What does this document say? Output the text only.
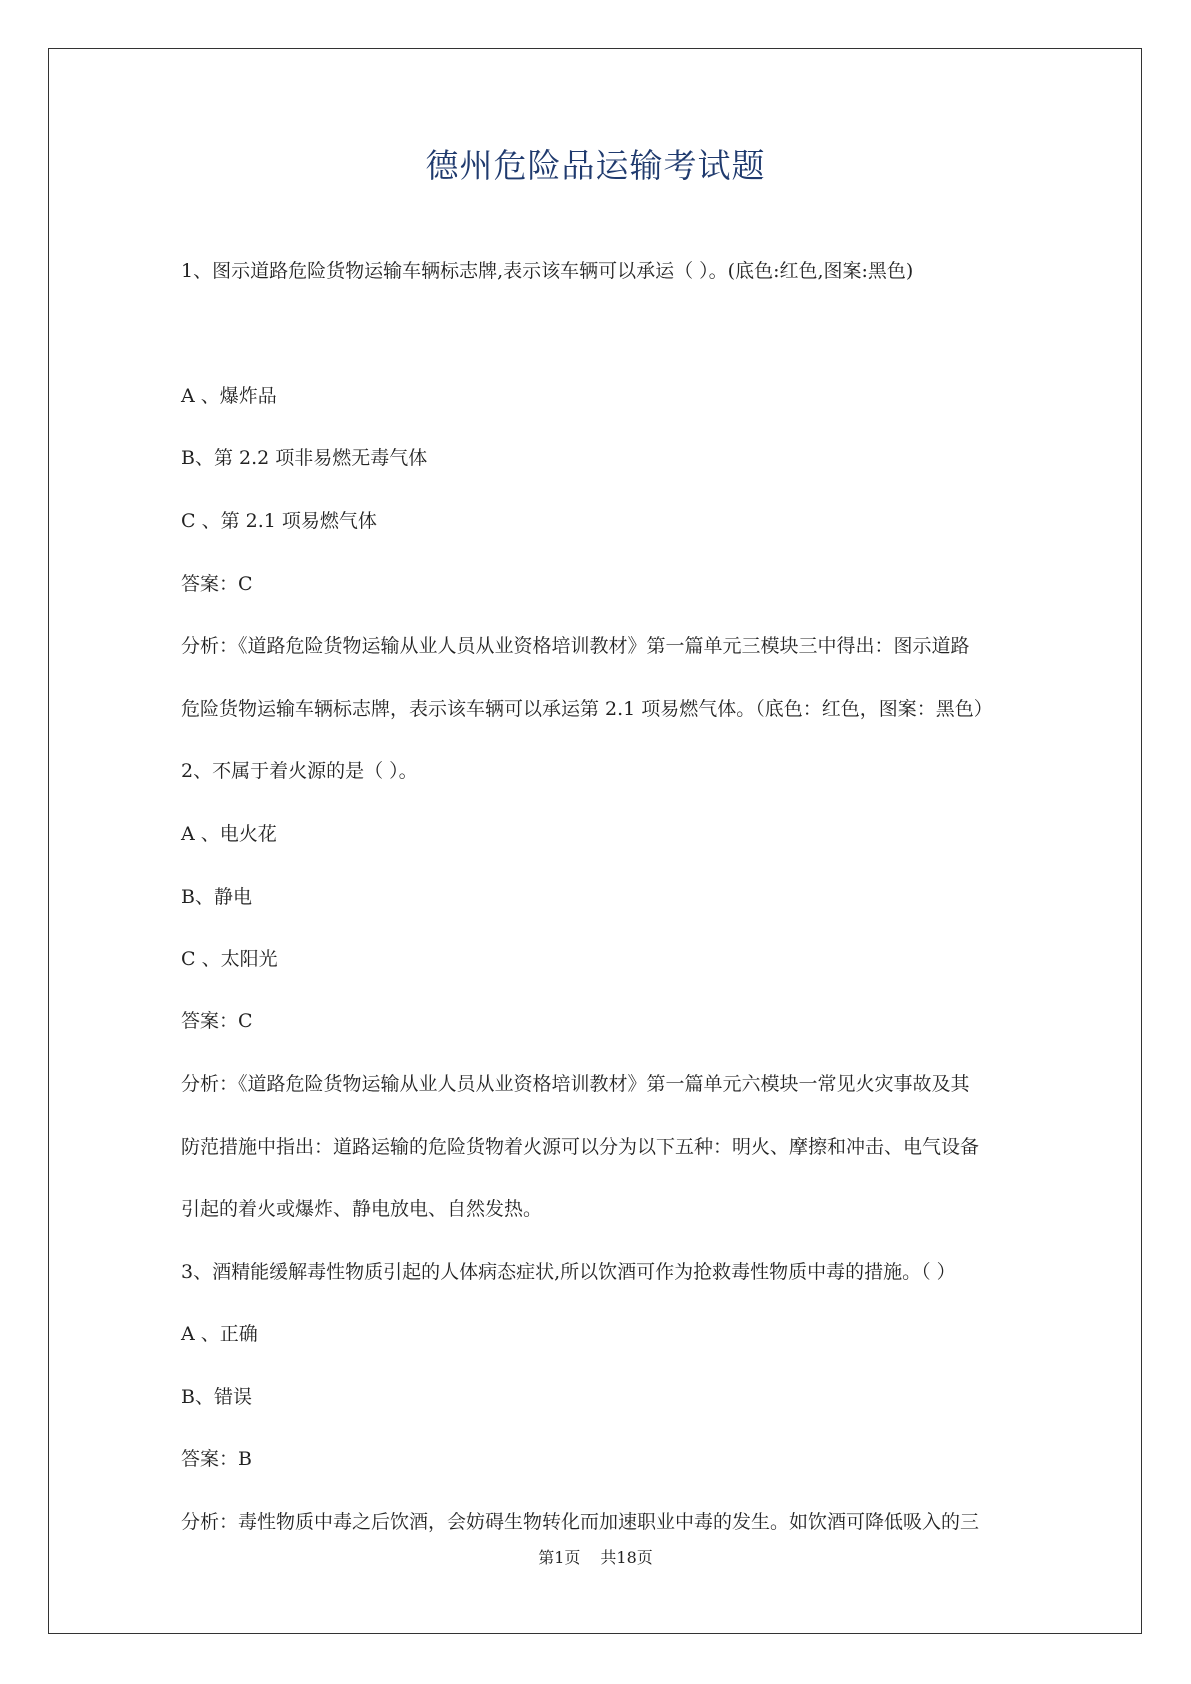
德州危险品运输考试题
1、图示道路危险货物运输车辆标志牌,表示该车辆可以承运（ ）。(底色:红色,图案:黑色)
A 、爆炸品
B、第 2.2 项非易燃无毒气体
C 、第 2.1 项易燃气体
答案：C
分析：《道路危险货物运输从业人员从业资格培训教材》第一篇单元三模块三中得出：图示道路
危险货物运输车辆标志牌，表示该车辆可以承运第 2.1 项易燃气体。（底色：红色，图案：黑色）
2、不属于着火源的是（ ）。
A 、电火花
B、静电
C 、太阳光
答案：C
分析：《道路危险货物运输从业人员从业资格培训教材》第一篇单元六模块一常见火灾事故及其
防范措施中指出：道路运输的危险货物着火源可以分为以下五种：明火、摩擦和冲击、电气设备
引起的着火或爆炸、静电放电、自然发热。
3、酒精能缓解毒性物质引起的人体病态症状,所以饮酒可作为抢救毒性物质中毒的措施。（ ）
A 、正确
B、错误
答案：B
分析：毒性物质中毒之后饮酒，会妨碍生物转化而加速职业中毒的发生。如饮酒可降低吸入的三
第1页 共18页
